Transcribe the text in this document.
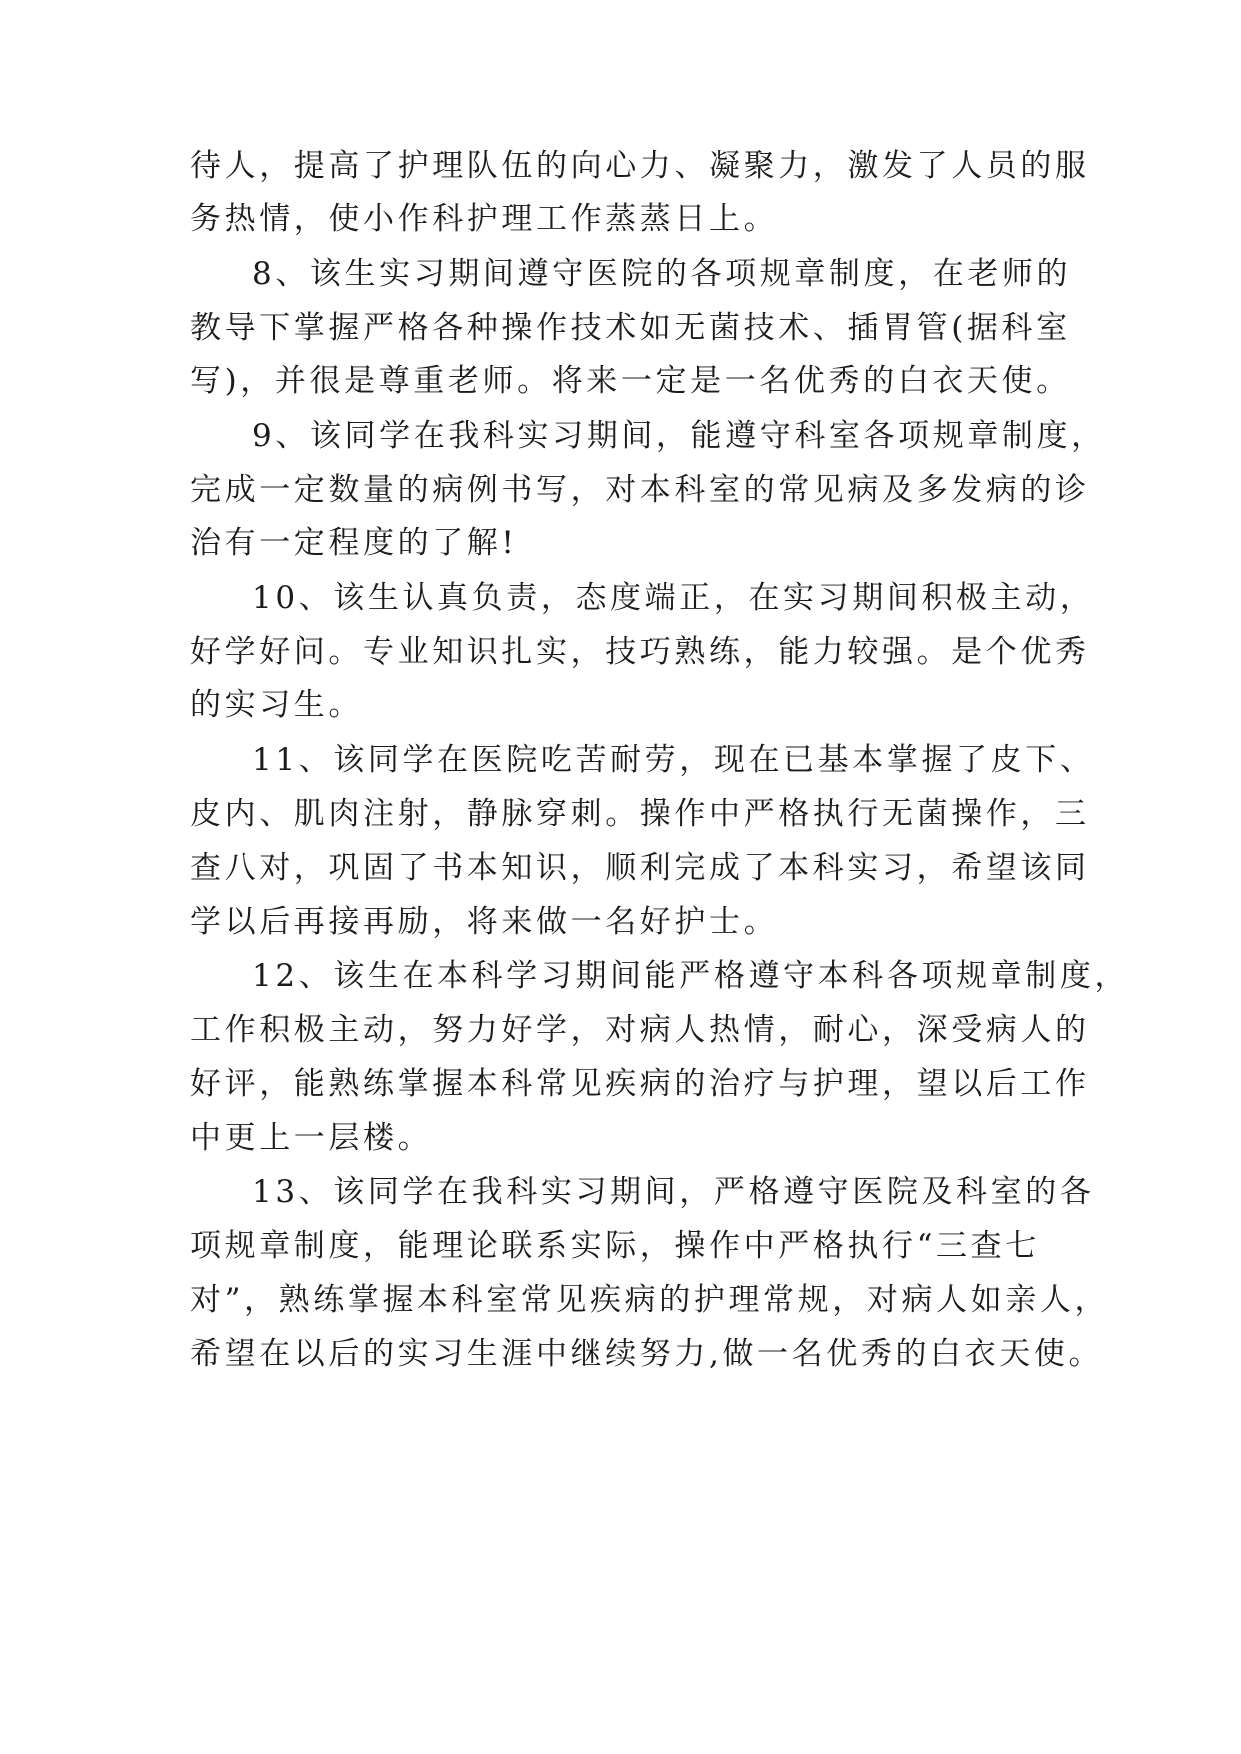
待人，提高了护理队伍的向心力、凝聚力，激发了人员的服
务热情，使小作科护理工作蒸蒸日上。
8、该生实习期间遵守医院的各项规章制度，在老师的
教导下掌握严格各种操作技术如无菌技术、插胃管(据科室
写)，并很是尊重老师。将来一定是一名优秀的白衣天使。
9、该同学在我科实习期间，能遵守科室各项规章制度，
完成一定数量的病例书写，对本科室的常见病及多发病的诊
治有一定程度的了解!
10、该生认真负责，态度端正，在实习期间积极主动，
好学好问。专业知识扎实，技巧熟练，能力较强。是个优秀
的实习生。
11、该同学在医院吃苦耐劳，现在已基本掌握了皮下、
皮内、肌肉注射，静脉穿刺。操作中严格执行无菌操作，三
查八对，巩固了书本知识，顺利完成了本科实习，希望该同
学以后再接再励，将来做一名好护士。
12、该生在本科学习期间能严格遵守本科各项规章制度，
工作积极主动，努力好学，对病人热情，耐心，深受病人的
好评，能熟练掌握本科常见疾病的治疗与护理，望以后工作
中更上一层楼。
13、该同学在我科实习期间，严格遵守医院及科室的各
项规章制度，能理论联系实际，操作中严格执行“三查七
对”，熟练掌握本科室常见疾病的护理常规，对病人如亲人，
希望在以后的实习生涯中继续努力,做一名优秀的白衣天使。
